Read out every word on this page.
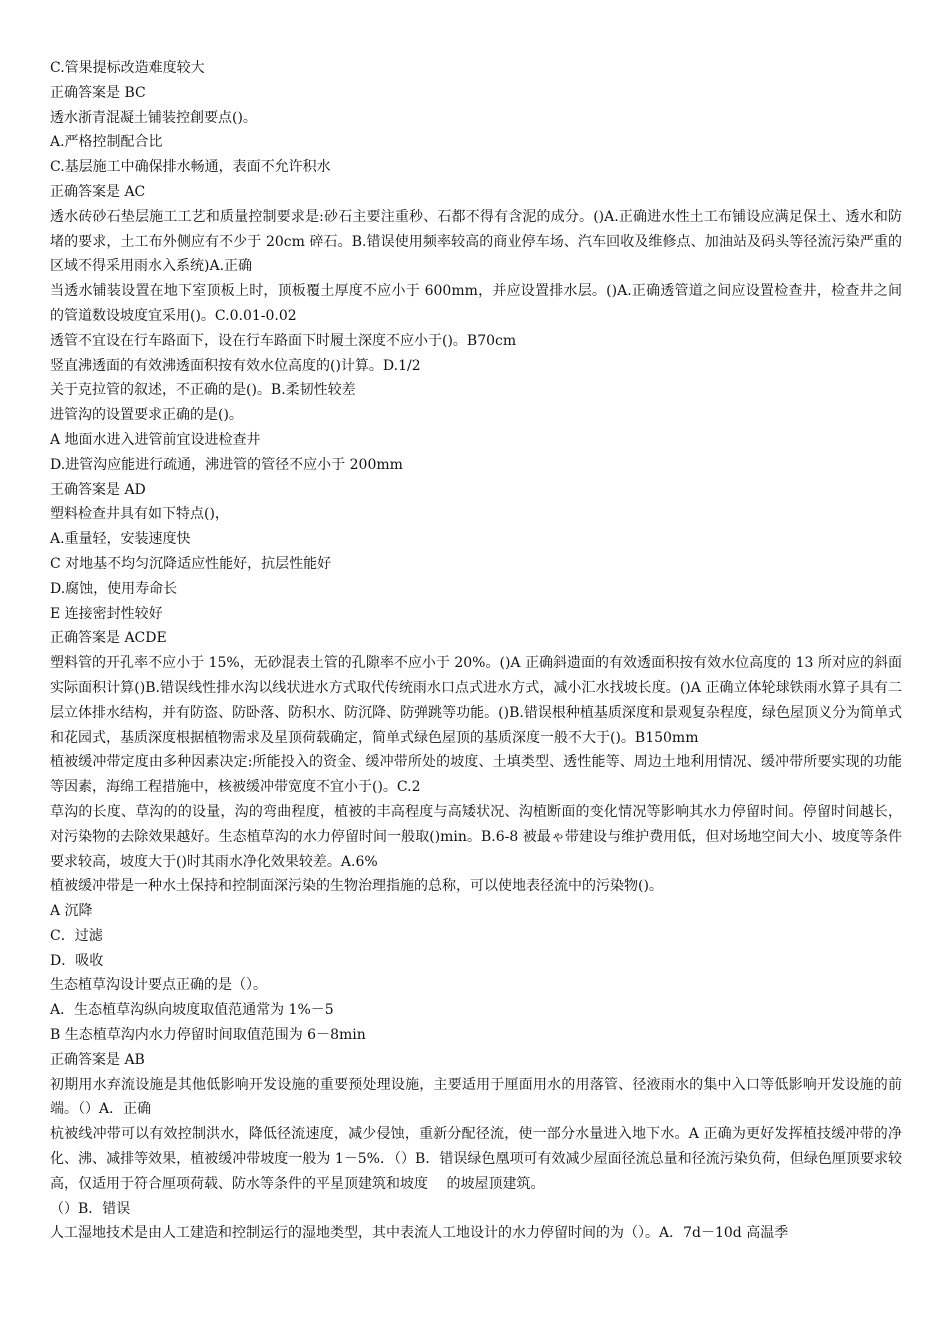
C.管果提标改造难度较大

正确答案是 BC

透水浙青混凝土铺装控創要点()。

A.严格控制配合比

C.基层施工中确保排水畅通，表面不允许积水

正确答案是 AC

透水砖砂石垫层施工工艺和质量控制要求是:砂石主要注重秒、石都不得有含泥的成分。()A.正确进水性土工布铺设应满足保土、透水和防堵的要求，土工布外侧应有不少于 20cm 碎石。B.错误使用频率较高的商业停车场、汽车回收及维修点、加油站及码头等径流污染严重的区域不得采用雨水入系统)A.正确

当透水铺装设置在地下室顶板上时，顶板覆土厚度不应小于 600mm，并应设置排水层。()A.正确透管道之间应设置检查井，检查井之间的管道数设坡度宜采用()。C.0.01-0.02

透管不宜设在行车路面下，设在行车路面下时履土深度不应小于()。B70cm

竖直沸透面的有效沸透面积按有效水位高度的()计算。D.1/2

关于克拉管的叙述，不正确的是()。B.柔韧性较差

进管沟的设置要求正确的是()。

A 地面水进入进管前宜设进检查井

D.进管沟应能进行疏通，沸进管的管径不应小于 200mm

王确答案是 AD

塑料检查井具有如下特点()，

A.重量轻，安装速度快

C 对地基不均匀沉降适应性能好，抗层性能好

D.腐蚀，使用寿命长

E 连接密封性较好

正确答案是 ACDE

塑料管的开孔率不应小于 15%，无砂混表土管的孔隙率不应小于 20%。()A 正确斜遗面的有效透面积按有效水位高度的 13 所对应的斜面实际面积计算()B.错误线性排水沟以线状进水方式取代传统雨水口点式进水方式，减小汇水找坡长度。()A 正确立体轮球铁雨水算子具有二层立体排水结构，并有防盗、防卧落、防积水、防沉降、防弹跳等功能。()B.错误根种植基质深度和景观复杂程度，绿色屋顶义分为简单式和花园式，基质深度根据植物需求及星顶荷载确定，简单式绿色屋顶的基质深度一般不大于()。B150mm

植被缓冲带定度由多种因素决定:所能投入的资金、缓冲带所处的坡度、土填类型、透性能等、周边土地利用情况、缓冲带所要实现的功能等因素，海绵工程措施中，核被缓冲带宽度不宜小于()。C.2

草沟的长度、草沟的的设量，沟的弯曲程度，植被的丰高程度与高矮状况、沟植断面的变化情况等影响其水力停留时间。停留时间越长，对污染物的去除效果越好。生态植草沟的水力停留时间一般取()min。B.6-8 被最ゃ带建设与维护费用低，但对场地空间大小、坡度等条件要求较高，坡度大于()时其雨水净化效果较差。A.6%

植被缓冲带是一种水土保持和控制面深污染的生物治理指施的总称，可以使地表径流中的污染物()。

A 沉降

C．过滤

D．吸收

生态植草沟设计要点正确的是（）。

A．生态植草沟纵向坡度取值范通常为 1%－5

B 生态植草沟内水力停留时间取值范围为 6－8min

正确答案是 AB

初期用水弃流设施是其他低影响开发设施的重要预处理设施，主要适用于厘面用水的用落管、径液雨水的集中入口等低影响开发设施的前端。（）A．正确

杭被线冲带可以有效控制洪水，降低径流速度，减少侵蚀，重新分配径流，使一部分水量进入地下水。A 正确为更好发挥植技缓冲带的净化、沸、减排等效果，植被缓冲带坡度一般为 1－5%．（）B．错误绿色凰项可有效减少屋面径流总量和径流污染负荷，但绿色厘顶要求较高，仅适用于符合厘项荷载、防水等条件的平星顶建筑和坡度　 的坡屋顶建筑。

（）B．错误

人工湿地技术是由人工建造和控制运行的湿地类型，其中表流人工地设计的水力停留时间的为（）。A．7d－10d 高温季
